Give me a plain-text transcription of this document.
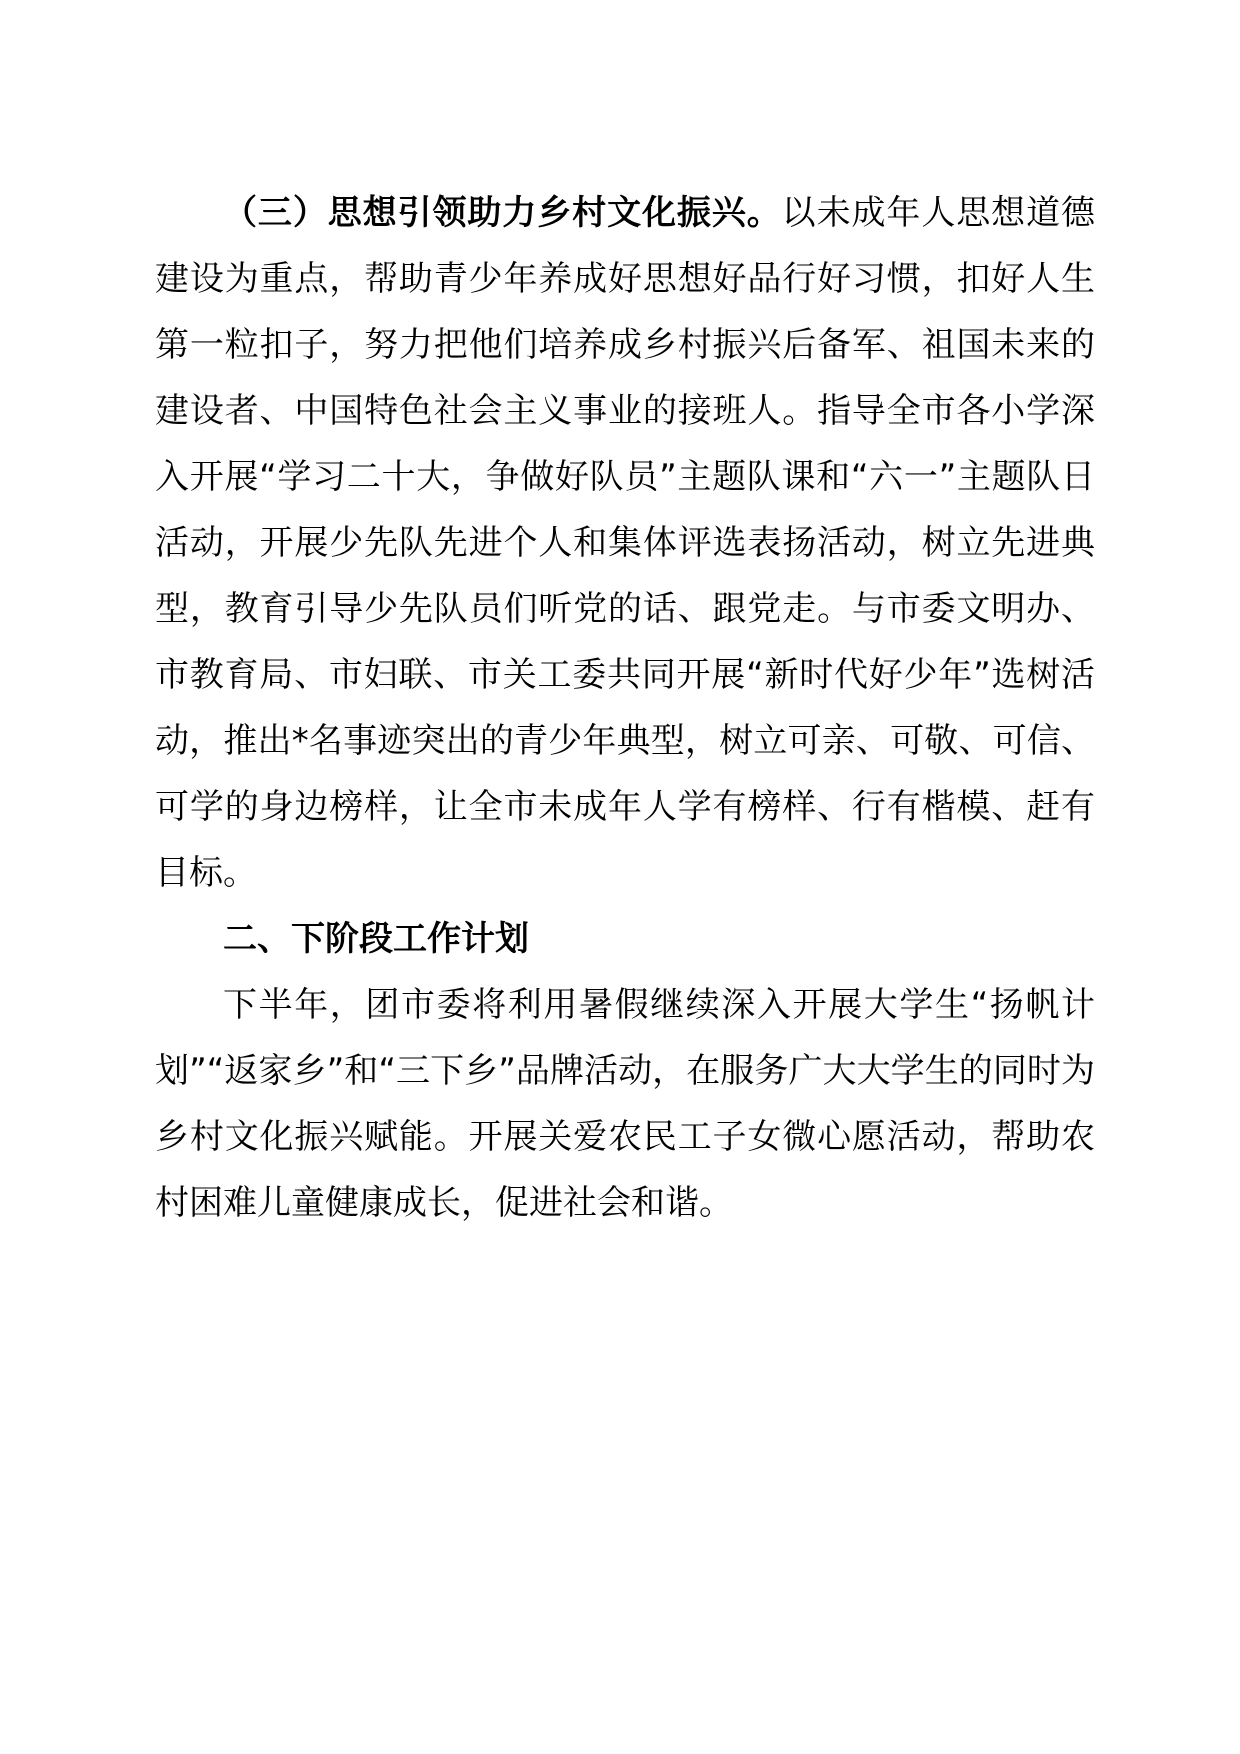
（三）思想引领助力乡村文化振兴。以未成年人思想道德建设为重点，帮助青少年养成好思想好品行好习惯，扣好人生第一粒扣子，努力把他们培养成乡村振兴后备军、祖国未来的建设者、中国特色社会主义事业的接班人。指导全市各小学深入开展“学习二十大，争做好队员”主题队课和“六一”主题队日活动，开展少先队先进个人和集体评选表扬活动，树立先进典型，教育引导少先队员们听党的话、跟党走。与市委文明办、市教育局、市妇联、市关工委共同开展“新时代好少年”选树活动，推出*名事迹突出的青少年典型，树立可亲、可敬、可信、可学的身边榜样，让全市未成年人学有榜样、行有楷模、赶有目标。

二、下阶段工作计划

下半年，团市委将利用暑假继续深入开展大学生“扬帆计划”“返家乡”和“三下乡”品牌活动，在服务广大大学生的同时为乡村文化振兴赋能。开展关爱农民工子女微心愿活动，帮助农村困难儿童健康成长，促进社会和谐。
